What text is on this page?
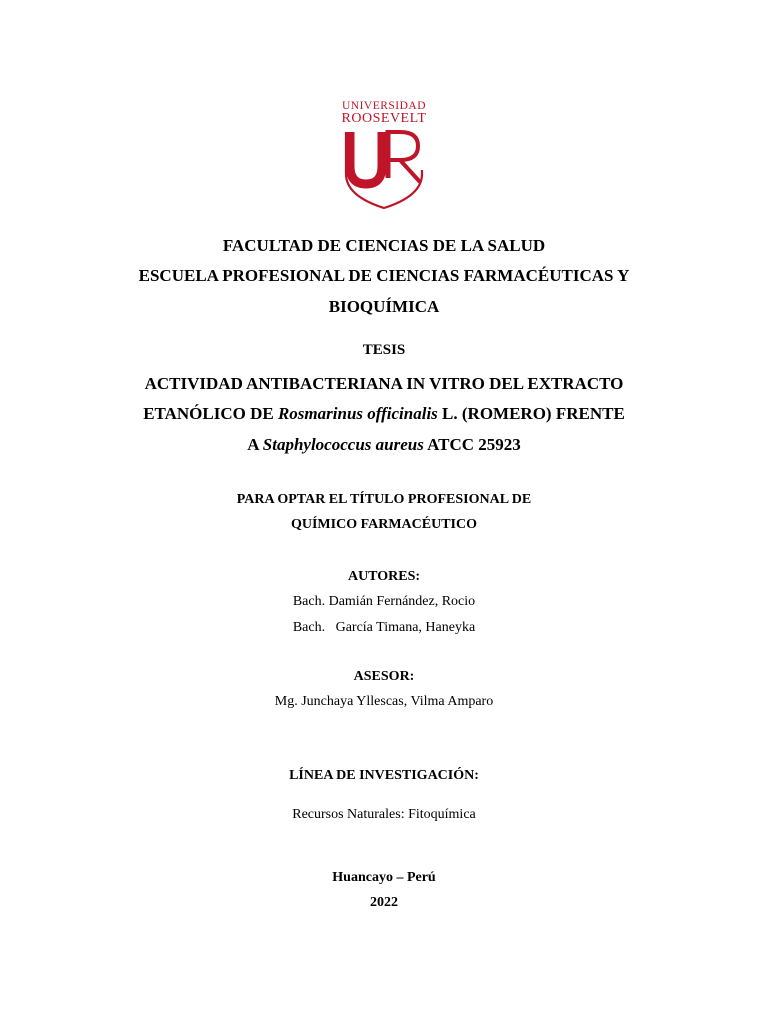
UNIVERSIDAD
ROOSEVELT
FACULTAD DE CIENCIAS DE LA SALUD
ESCUELA PROFESIONAL DE CIENCIAS FARMACÉUTICAS Y
BIOQUÍMICA
TESIS
ACTIVIDAD ANTIBACTERIANA IN VITRO DEL EXTRACTO
ETANÓLICO DE Rosmarinus officinalis L. (ROMERO) FRENTE
A Staphylococcus aureus ATCC 25923
PARA OPTAR EL TÍTULO PROFESIONAL DE
QUÍMICO FARMACÉUTICO
AUTORES:
Bach. Damián Fernández, Rocio
Bach.   García Timana, Haneyka
ASESOR:
Mg. Junchaya Yllescas, Vilma Amparo
LÍNEA DE INVESTIGACIÓN:
Recursos Naturales: Fitoquímica
Huancayo – Perú
2022
